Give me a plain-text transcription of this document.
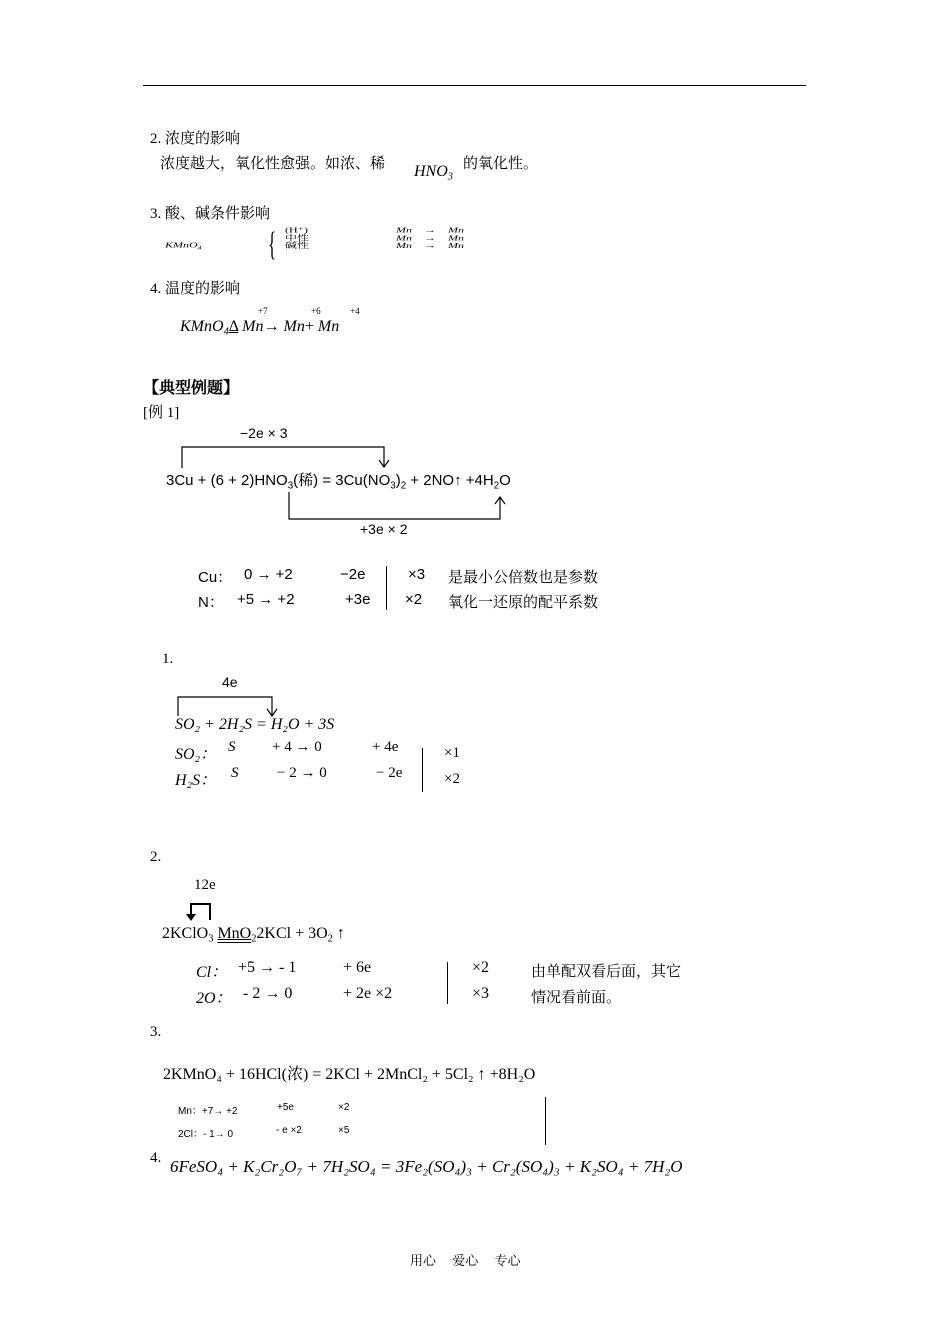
2. 浓度的影响
浓度越大，氧化性愈强。如浓、稀 $HNO_3$
的氧化性。
3. 酸、碱条件影响
KMnO$_4$ { (H⁺)
中性
碱性
Mn　 →　 Mn
Mn　 →　 Mn
Mn　 →　 Mn
4. 温度的影响
+7	+6	+4
KMnO$_4$Δ Mn→ Mn+ Mn
【典型例题】
[例 1]
−2e × 3
$3Cu + (6 + 2)HNO_3$(稀) = $3Cu(NO_3)_2$ + 2NO↑ $+4H_2O$
+3e × 2
Cu： 0 → +2	−2e	×3 是最小公倍数也是参数
N： +5 → +2	+3e ×2 氧化一还原的配平系数
1.
4e
SO₂ + 2H₂S = H₂O + 3S
SO₂： S + 4 → 0	+ 4e	×1
H₂S： S	− 2 → 0	− 2e	×2
2.
12e
2KClO$_3$ $MnO_22KCl + 3O_2$ ↑
Cl： +5 → - 1	+ 6e	×2	由单配双看后面，其它
2O： - 2 → 0	+ 2e ×2	×3	情况看前面。
3.
2KMnO₄ + 16HCl(浓) = 2KCl + 2MnCl₂ + 5Cl₂ ↑ +8H₂O
Mn：+7→ +2	+5e	×2
2Cl：- 1→ 0	- e ×2	×5
4. 6FeSO₄ + K₂Cr₂O₇ + 7H₂SO₄ = 3Fe₂(SO₄)₃ + Cr₂(SO₄)₃ + K₂SO₄ + 7H₂O
用心　 爱心　 专心
